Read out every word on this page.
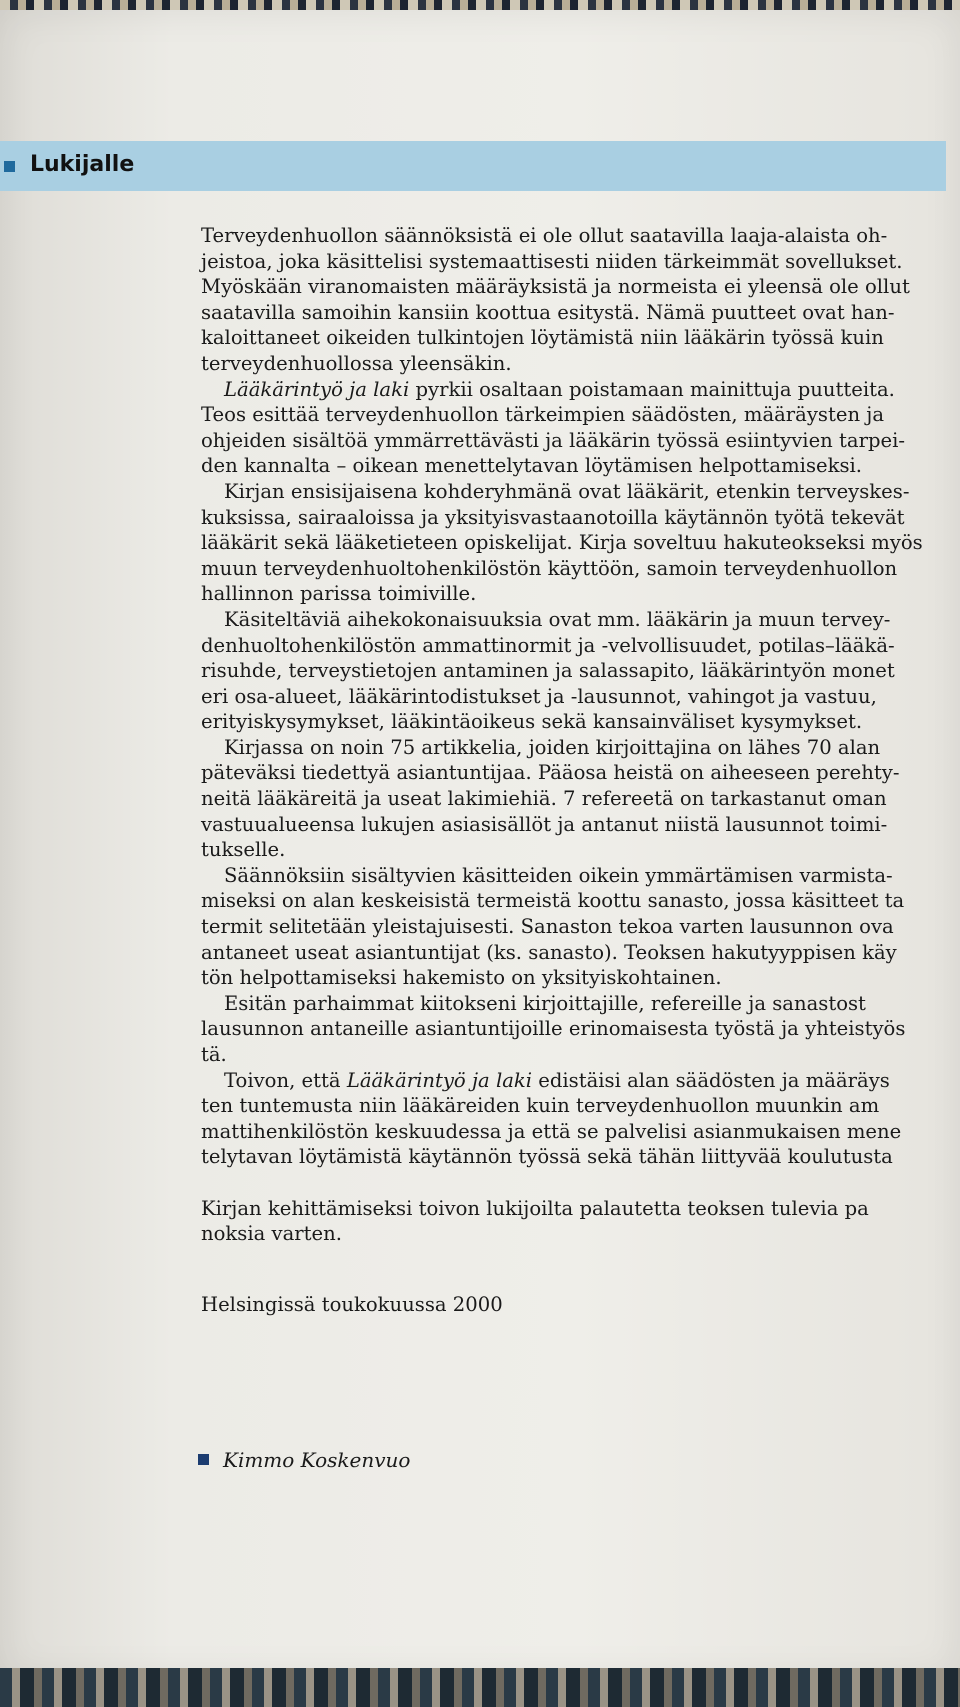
Lukijalle
Terveydenhuollon säännöksistä ei ole ollut saatavilla laaja-alaista oh-
jeistoa, joka käsittelisi systemaattisesti niiden tärkeimmät sovellukset.
Myöskään viranomaisten määräyksistä ja normeista ei yleensä ole ollut
saatavilla samoihin kansiin koottua esitystä. Nämä puutteet ovat han-
kaloittaneet oikeiden tulkintojen löytämistä niin lääkärin työssä kuin
terveydenhuollossa yleensäkin.
Lääkärintyö ja laki pyrkii osaltaan poistamaan mainittuja puutteita.
Teos esittää terveydenhuollon tärkeimpien säädösten, määräysten ja
ohjeiden sisältöä ymmärrettävästi ja lääkärin työssä esiintyvien tarpei-
den kannalta – oikean menettelytavan löytämisen helpottamiseksi.
Kirjan ensisijaisena kohderyhmänä ovat lääkärit, etenkin terveyskes-
kuksissa, sairaaloissa ja yksityisvastaanotoilla käytännön työtä tekevät
lääkärit sekä lääketieteen opiskelijat. Kirja soveltuu hakuteokseksi myös
muun terveydenhuoltohenkilöstön käyttöön, samoin terveydenhuollon
hallinnon parissa toimiville.
Käsiteltäviä aihekokonaisuuksia ovat mm. lääkärin ja muun tervey-
denhuoltohenkilöstön ammattinormit ja -velvollisuudet, potilas–lääkä-
risuhde, terveystietojen antaminen ja salassapito, lääkärintyön monet
eri osa-alueet, lääkärintodistukset ja -lausunnot, vahingot ja vastuu,
erityiskysymykset, lääkintäoikeus sekä kansainväliset kysymykset.
Kirjassa on noin 75 artikkelia, joiden kirjoittajina on lähes 70 alan
päteväksi tiedettyä asiantuntijaa. Pääosa heistä on aiheeseen perehty-
neitä lääkäreitä ja useat lakimiehiä. 7 refereetä on tarkastanut oman
vastuualueensa lukujen asiasisällöt ja antanut niistä lausunnot toimi-
tukselle.
Säännöksiin sisältyvien käsitteiden oikein ymmärtämisen varmista-
miseksi on alan keskeisistä termeistä koottu sanasto, jossa käsitteet ta
termit selitetään yleistajuisesti. Sanaston tekoa varten lausunnon ova
antaneet useat asiantuntijat (ks. sanasto). Teoksen hakutyyppisen käy
tön helpottamiseksi hakemisto on yksityiskohtainen.
Esitän parhaimmat kiitokseni kirjoittajille, refereille ja sanastost
lausunnon antaneille asiantuntijoille erinomaisesta työstä ja yhteistyös
tä.
Toivon, että Lääkärintyö ja laki edistäisi alan säädösten ja määräys
ten tuntemusta niin lääkäreiden kuin terveydenhuollon muunkin am
mattihenkilöstön keskuudessa ja että se palvelisi asianmukaisen mene
telytavan löytämistä käytännön työssä sekä tähän liittyvää koulutusta
Kirjan kehittämiseksi toivon lukijoilta palautetta teoksen tulevia pa
noksia varten.
Helsingissä toukokuussa 2000
Kimmo Koskenvuo
